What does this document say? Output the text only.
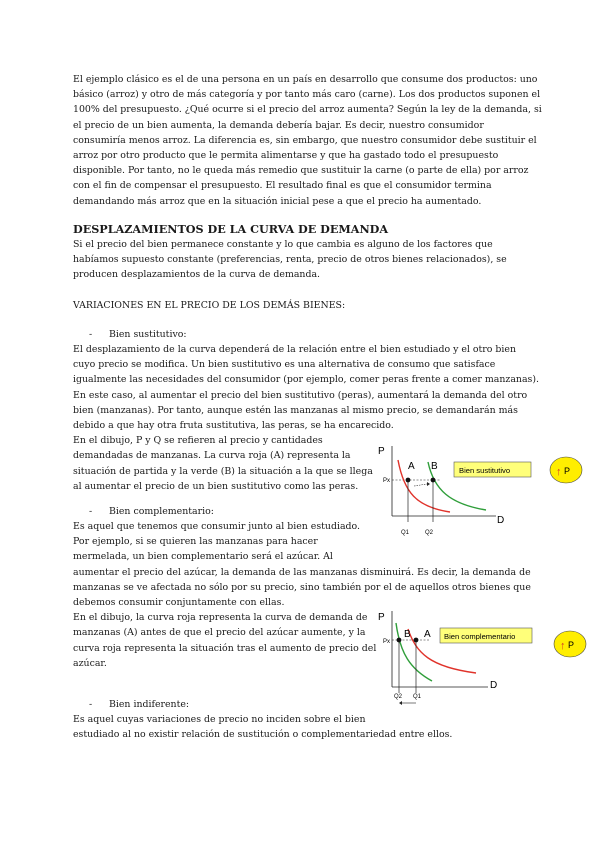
El ejemplo clásico es el de una persona en un país en desarrollo que consume dos productos: uno
básico (arroz) y otro de más categoría y por tanto más caro (carne). Los dos productos suponen el
100% del presupuesto. ¿Qué ocurre si el precio del arroz aumenta? Según la ley de la demanda, si
el precio de un bien aumenta, la demanda debería bajar. Es decir, nuestro consumidor
consumiría menos arroz. La diferencia es, sin embargo, que nuestro consumidor debe sustituir el
arroz por otro producto que le permita alimentarse y que ha gastado todo el presupuesto
disponible. Por tanto, no le queda más remedio que sustituir la carne (o parte de ella) por arroz
con el fin de compensar el presupuesto. El resultado final es que el consumidor termina
demandando más arroz que en la situación inicial pese a que el precio ha aumentado.

DESPLAZAMIENTOS DE LA CURVA DE DEMANDA

Si el precio del bien permanece constante y lo que cambia es alguno de los factores que
habíamos supuesto constante (preferencias, renta, precio de otros bienes relacionados), se
producen desplazamientos de la curva de demanda.

VARIACIONES EN EL PRECIO DE LOS DEMÁS BIENES:

- Bien sustitutivo:

El desplazamiento de la curva dependerá de la relación entre el bien estudiado y el otro bien
cuyo precio se modifica. Un bien sustitutivo es una alternativa de consumo que satisface
igualmente las necesidades del consumidor (por ejemplo, comer peras frente a comer manzanas).
En este caso, al aumentar el precio del bien sustitutivo (peras), aumentará la demanda del otro
bien (manzanas). Por tanto, aunque estén las manzanas al mismo precio, se demandarán más
debido a que hay otra fruta sustitutiva, las peras, se ha encarecido.
En el dibujo, P y Q se refieren al precio y cantidades
demandadas de manzanas. La curva roja (A) representa la
situación de partida y la verde (B) la situación a la que se llega
al aumentar el precio de un bien sustitutivo como las peras.

P
D
Px
A B
Q1	Q2
Bien sustitutivo	↑ P

- Bien complementario:

Es aquel que tenemos que consumir junto al bien estudiado.
Por ejemplo, si se quieren las manzanas para hacer
mermelada, un bien complementario será el azúcar. Al
aumentar el precio del azúcar, la demanda de las manzanas disminuirá. Es decir, la demanda de
manzanas se ve afectada no sólo por su precio, sino también por el de aquellos otros bienes que
debemos consumir conjuntamente con ellas.
En el dibujo, la curva roja representa la curva de demanda de
manzanas (A) antes de que el precio del azúcar aumente, y la
curva roja representa la situación tras el aumento de precio del
azúcar.

P
D
Px
B A
Q2 Q1
Bien complementario
↑ P

- Bien indiferente:

Es aquel cuyas variaciones de precio no inciden sobre el bien
estudiado al no existir relación de sustitución o complementariedad entre ellos.
